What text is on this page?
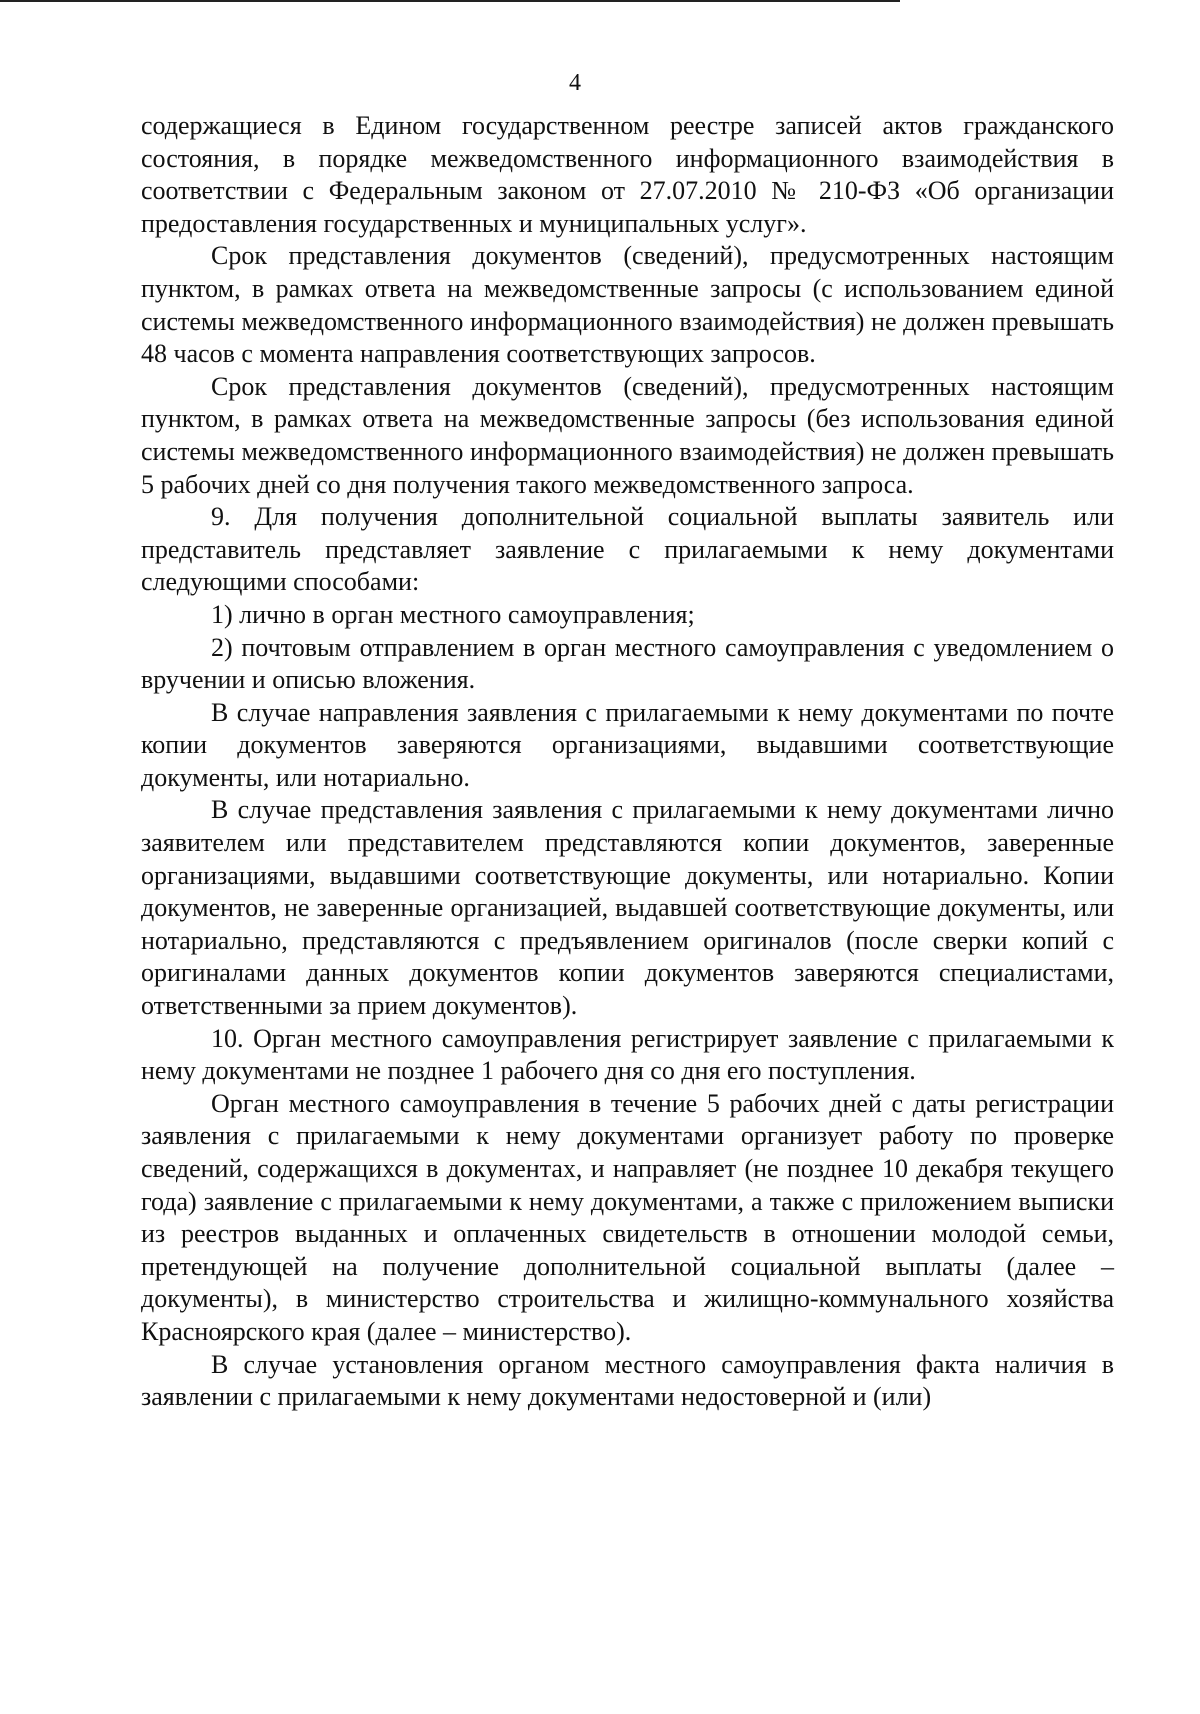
4

содержащиеся в Едином государственном реестре записей актов гражданского состояния, в порядке межведомственного информационного взаимодействия в соответствии с Федеральным законом от 27.07.2010 № 210-ФЗ «Об организации предоставления государственных и муниципальных услуг».

Срок представления документов (сведений), предусмотренных настоящим пунктом, в рамках ответа на межведомственные запросы (с использованием единой системы межведомственного информационного взаимодействия) не должен превышать 48 часов с момента направления соответствующих запросов.

Срок представления документов (сведений), предусмотренных настоящим пунктом, в рамках ответа на межведомственные запросы (без использования единой системы межведомственного информационного взаимодействия) не должен превышать 5 рабочих дней со дня получения такого межведомственного запроса.

9. Для получения дополнительной социальной выплаты заявитель или представитель представляет заявление с прилагаемыми к нему документами следующими способами:

1) лично в орган местного самоуправления;

2) почтовым отправлением в орган местного самоуправления с уведомлением о вручении и описью вложения.

В случае направления заявления с прилагаемыми к нему документами по почте копии документов заверяются организациями, выдавшими соответствующие документы, или нотариально.

В случае представления заявления с прилагаемыми к нему документами лично заявителем или представителем представляются копии документов, заверенные организациями, выдавшими соответствующие документы, или нотариально. Копии документов, не заверенные организацией, выдавшей соответствующие документы, или нотариально, представляются с предъявлением оригиналов (после сверки копий с оригиналами данных документов копии документов заверяются специалистами, ответственными за прием документов).

10. Орган местного самоуправления регистрирует заявление с прилагаемыми к нему документами не позднее 1 рабочего дня со дня его поступления.

Орган местного самоуправления в течение 5 рабочих дней с даты регистрации заявления с прилагаемыми к нему документами организует работу по проверке сведений, содержащихся в документах, и направляет (не позднее 10 декабря текущего года) заявление с прилагаемыми к нему документами, а также с приложением выписки из реестров выданных и оплаченных свидетельств в отношении молодой семьи, претендующей на получение дополнительной социальной выплаты (далее – документы), в министерство строительства и жилищно-коммунального хозяйства Красноярского края (далее – министерство).

В случае установления органом местного самоуправления факта наличия в заявлении с прилагаемыми к нему документами недостоверной и (или)
